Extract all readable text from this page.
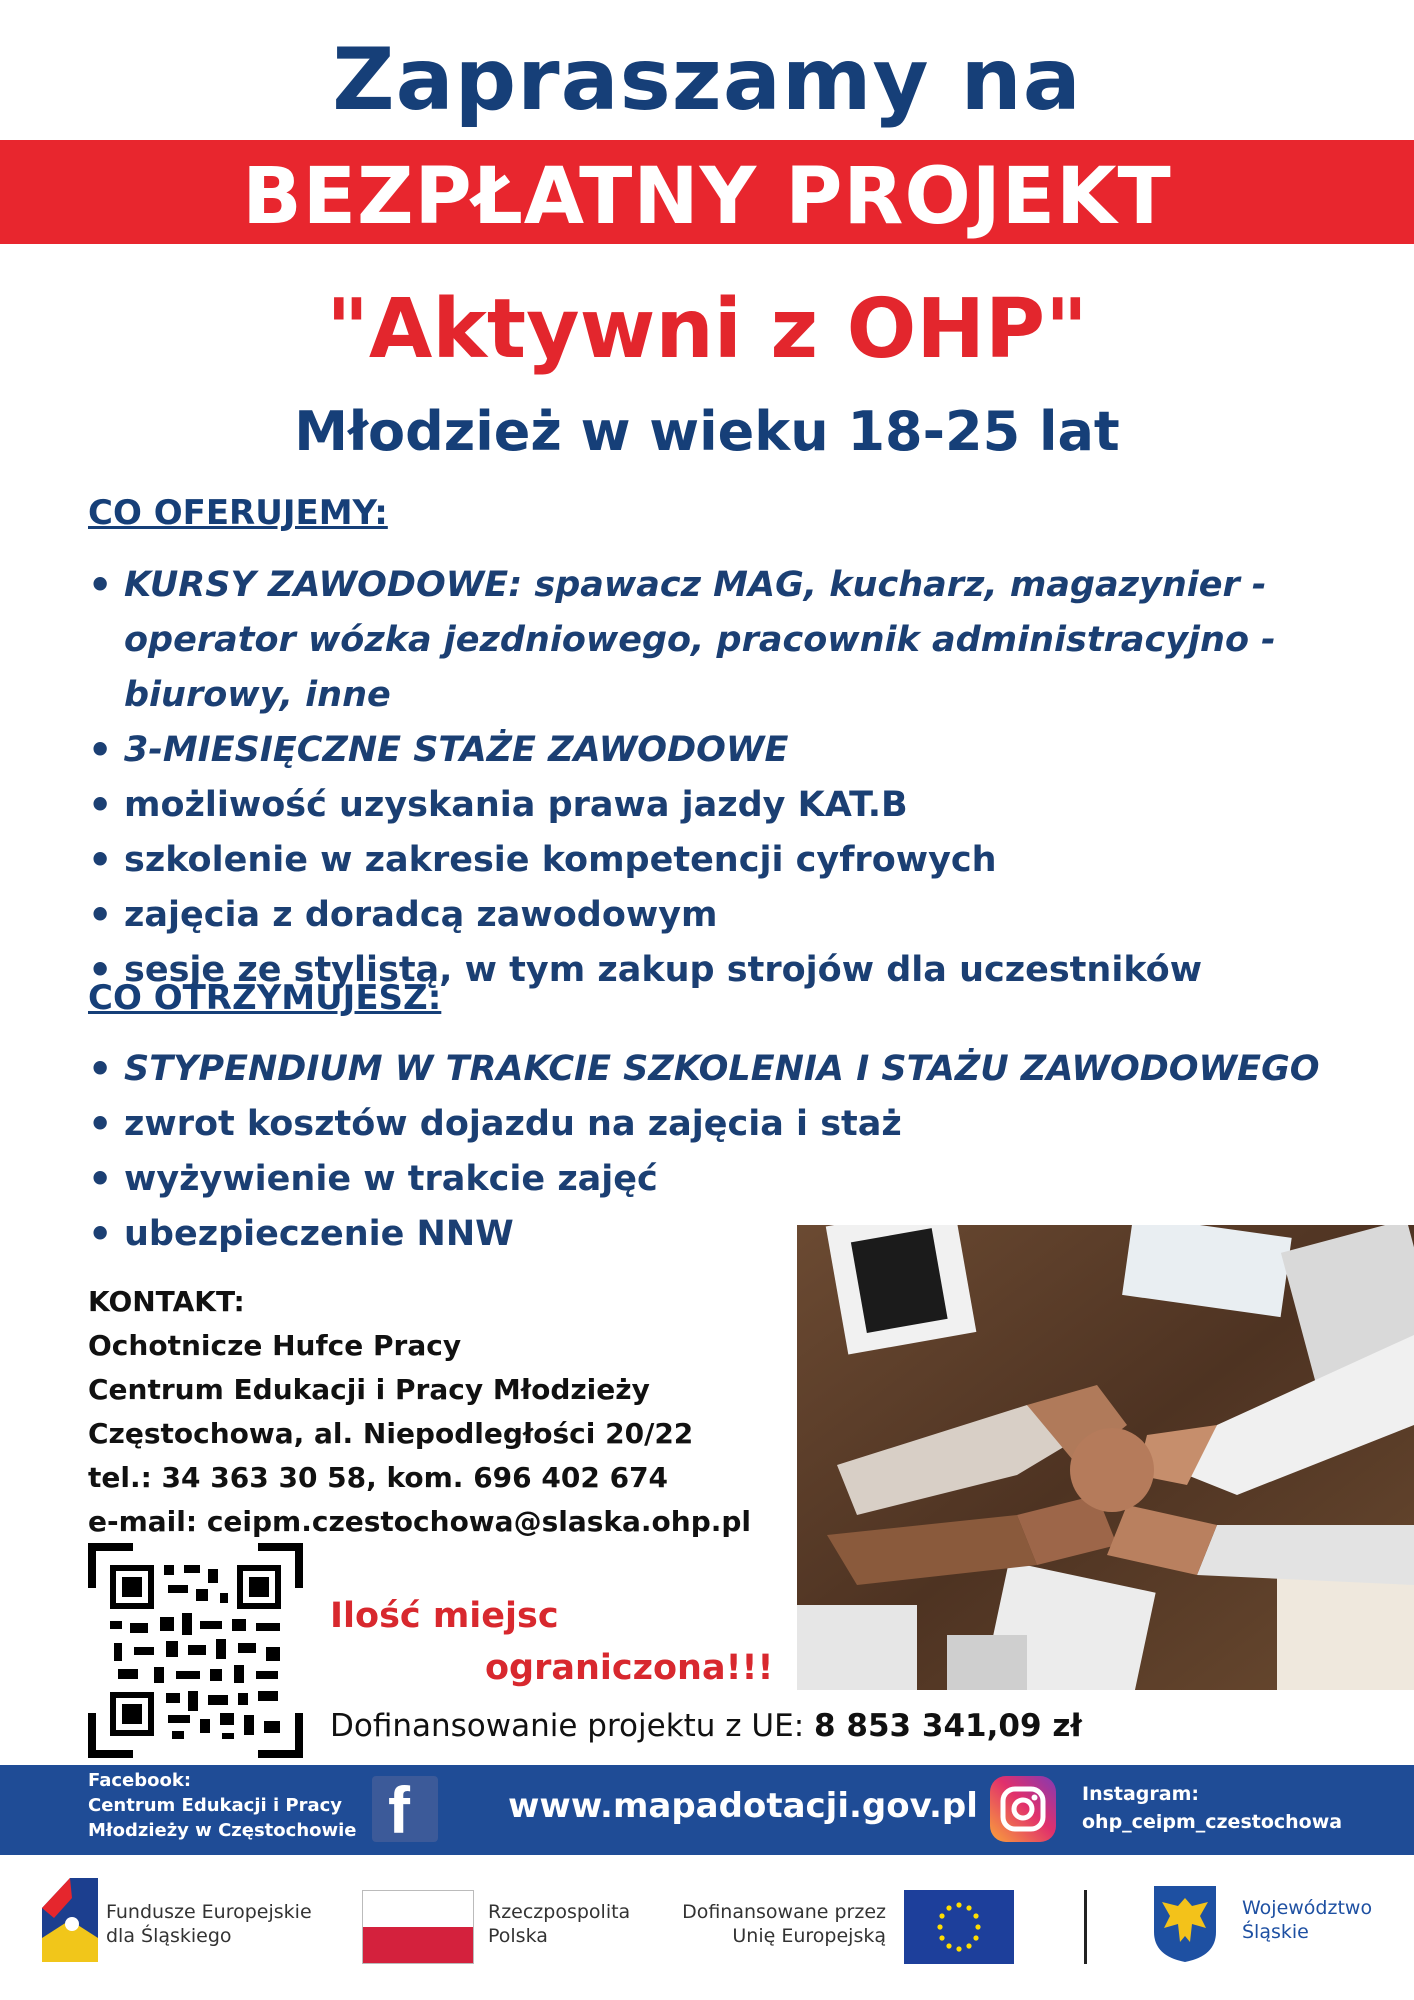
Zapraszamy na
BEZPŁATNY PROJEKT
"Aktywni z OHP"
Młodzież w wieku 18-25 lat
CO OFERUJEMY:
• KURSY ZAWODOWE: spawacz MAG, kucharz, magazynier - operator wózka jezdniowego, pracownik administracyjno - biurowy, inne
• 3-MIESIĘCZNE STAŻE ZAWODOWE
• możliwość uzyskania prawa jazdy KAT.B
• szkolenie w zakresie kompetencji cyfrowych
• zajęcia z doradcą zawodowym
• sesje ze stylistą, w tym zakup strojów dla uczestników
CO OTRZYMUJESZ:
• STYPENDIUM W TRAKCIE SZKOLENIA I STAŻU ZAWODOWEGO
• zwrot kosztów dojazdu na zajęcia i staż
• wyżywienie w trakcie zajęć
• ubezpieczenie NNW
KONTAKT:
Ochotnicze Hufce Pracy
Centrum Edukacji i Pracy Młodzieży
Częstochowa, al. Niepodległości 20/22
tel.: 34 363 30 58, kom. 696 402 674
e-mail: ceipm.czestochowa@slaska.ohp.pl
Ilość miejsc
ograniczona!!!
Dofinansowanie projektu z UE: 8 853 341,09 zł
Facebook:
Centrum Edukacji i Pracy
Młodzieży w Częstochowie f	www.mapadotacji.gov.pl	Instagram:
ohp_ceipm_czestochowa
Fundusze Europejskie
dla Śląskiego
Rzeczpospolita
Polska
Dofinansowane przez
Unię Europejską
Województwo
Śląskie
